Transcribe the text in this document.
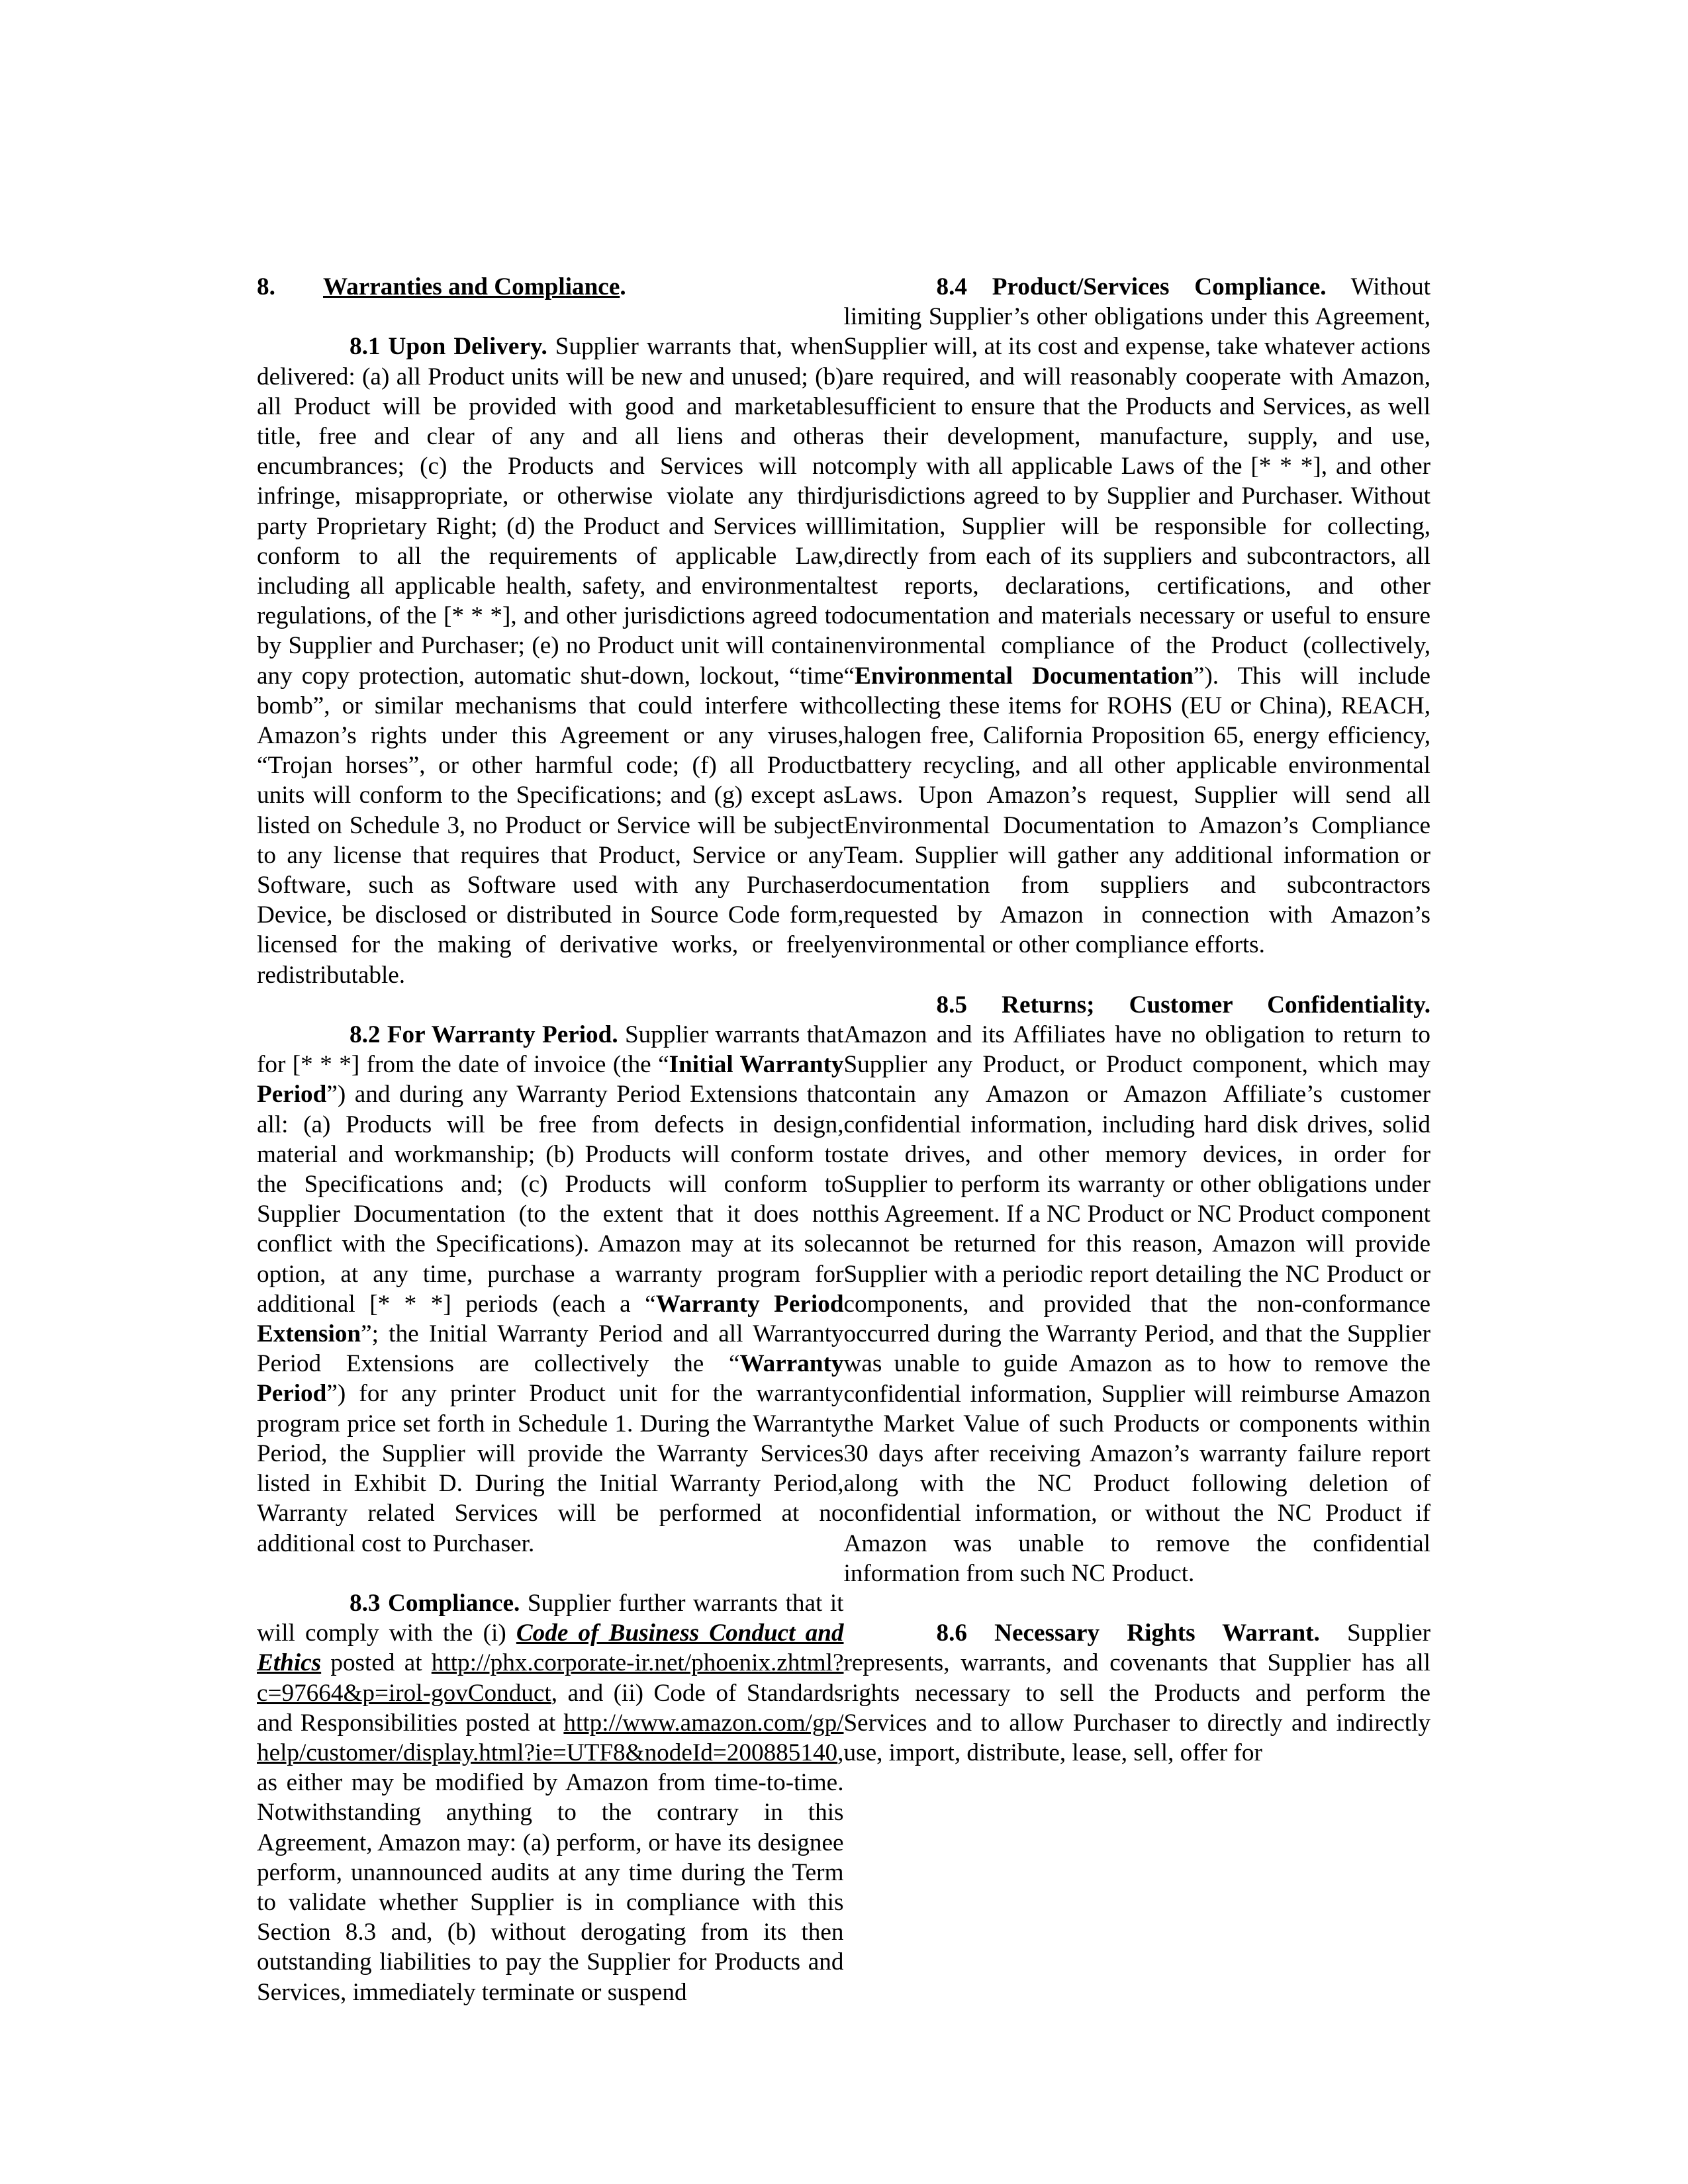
8. Warranties and Compliance.

8.1 Upon Delivery. Supplier warrants that, when delivered: (a) all Product units will be new and unused; (b) all Product will be provided with good and marketable title, free and clear of any and all liens and other encumbrances; (c) the Products and Services will not infringe, misappropriate, or otherwise violate any third party Proprietary Right; (d) the Product and Services will conform to all the requirements of applicable Law, including all applicable health, safety, and environmental regulations, of the [* * *], and other jurisdictions agreed to by Supplier and Purchaser; (e) no Product unit will contain any copy protection, automatic shut-down, lockout, “time bomb”, or similar mechanisms that could interfere with Amazon’s rights under this Agreement or any viruses, “Trojan horses”, or other harmful code; (f) all Product units will conform to the Specifications; and (g) except as listed on Schedule 3, no Product or Service will be subject to any license that requires that Product, Service or any Software, such as Software used with any Purchaser Device, be disclosed or distributed in Source Code form, licensed for the making of derivative works, or freely redistributable.

8.2 For Warranty Period. Supplier warrants that for [* * *] from the date of invoice (the “Initial Warranty Period”) and during any Warranty Period Extensions that all: (a) Products will be free from defects in design, material and workmanship; (b) Products will conform to the Specifications and; (c) Products will conform to Supplier Documentation (to the extent that it does not conflict with the Specifications). Amazon may at its sole option, at any time, purchase a warranty program for additional [* * *] periods (each a “Warranty Period Extension”; the Initial Warranty Period and all Warranty Period Extensions are collectively the “Warranty Period”) for any printer Product unit for the warranty program price set forth in Schedule 1. During the Warranty Period, the Supplier will provide the Warranty Services listed in Exhibit D. During the Initial Warranty Period, Warranty related Services will be performed at no additional cost to Purchaser.

8.3 Compliance. Supplier further warrants that it will comply with the (i) Code of Business Conduct and Ethics posted at http://phx.corporate-ir.net/phoenix.zhtml?c=97664&p=irol-govConduct, and (ii) Code of Standards and Responsibilities posted at http://www.amazon.com/gp/help/customer/display.html?ie=UTF8&nodeId=200885140, as either may be modified by Amazon from time-to-time. Notwithstanding anything to the contrary in this Agreement, Amazon may: (a) perform, or have its designee perform, unannounced audits at any time during the Term to validate whether Supplier is in compliance with this Section 8.3 and, (b) without derogating from its then outstanding liabilities to pay the Supplier for Products and Services, immediately terminate or suspend

8.4 Product/Services Compliance. Without limiting Supplier’s other obligations under this Agreement, Supplier will, at its cost and expense, take whatever actions are required, and will reasonably cooperate with Amazon, sufficient to ensure that the Products and Services, as well as their development, manufacture, supply, and use, comply with all applicable Laws of the [* * *], and other jurisdictions agreed to by Supplier and Purchaser. Without limitation, Supplier will be responsible for collecting, directly from each of its suppliers and subcontractors, all test reports, declarations, certifications, and other documentation and materials necessary or useful to ensure environmental compliance of the Product (collectively, “Environmental Documentation”). This will include collecting these items for ROHS (EU or China), REACH, halogen free, California Proposition 65, energy efficiency, battery recycling, and all other applicable environmental Laws. Upon Amazon’s request, Supplier will send all Environmental Documentation to Amazon’s Compliance Team. Supplier will gather any additional information or documentation from suppliers and subcontractors requested by Amazon in connection with Amazon’s environmental or other compliance efforts.

8.5 Returns; Customer Confidentiality. Amazon and its Affiliates have no obligation to return to Supplier any Product, or Product component, which may contain any Amazon or Amazon Affiliate’s customer confidential information, including hard disk drives, solid state drives, and other memory devices, in order for Supplier to perform its warranty or other obligations under this Agreement. If a NC Product or NC Product component cannot be returned for this reason, Amazon will provide Supplier with a periodic report detailing the NC Product or components, and provided that the non-conformance occurred during the Warranty Period, and that the Supplier was unable to guide Amazon as to how to remove the confidential information, Supplier will reimburse Amazon the Market Value of such Products or components within 30 days after receiving Amazon’s warranty failure report along with the NC Product following deletion of confidential information, or without the NC Product if Amazon was unable to remove the confidential information from such NC Product.

8.6 Necessary Rights Warrant. Supplier represents, warrants, and covenants that Supplier has all rights necessary to sell the Products and perform the Services and to allow Purchaser to directly and indirectly use, import, distribute, lease, sell, offer for
